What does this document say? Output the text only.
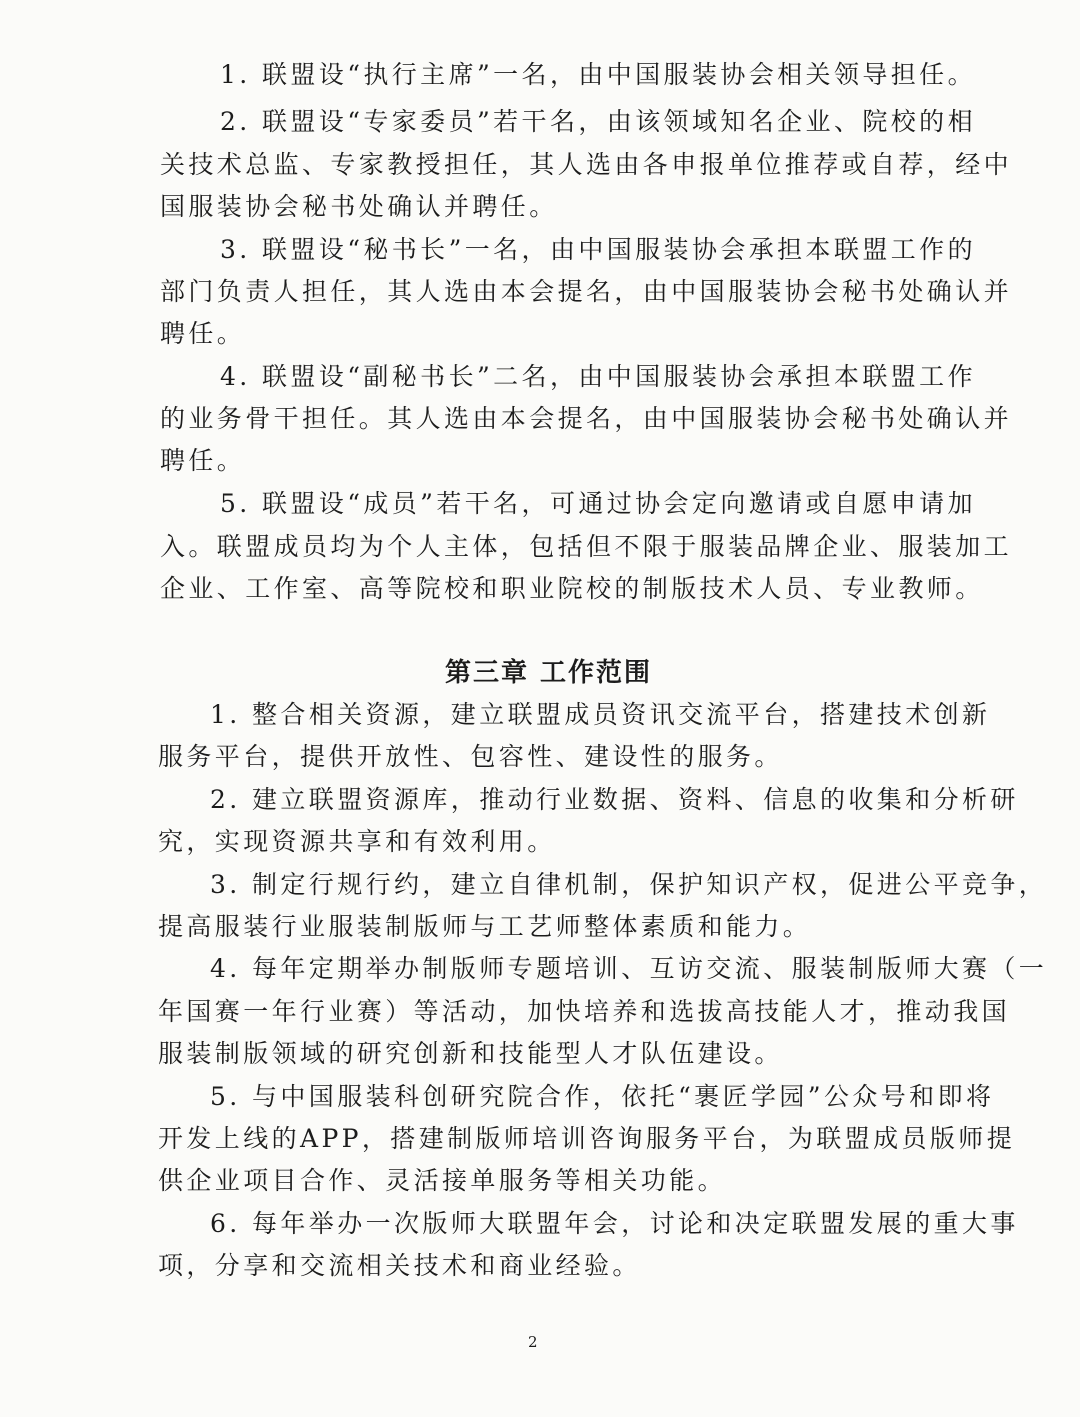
1. 联盟设“执行主席”一名，由中国服装协会相关领导担任。
2. 联盟设“专家委员”若干名，由该领域知名企业、院校的相
关技术总监、专家教授担任，其人选由各申报单位推荐或自荐，经中
国服装协会秘书处确认并聘任。
3. 联盟设“秘书长”一名，由中国服装协会承担本联盟工作的
部门负责人担任，其人选由本会提名，由中国服装协会秘书处确认并
聘任。
4. 联盟设“副秘书长”二名，由中国服装协会承担本联盟工作
的业务骨干担任。其人选由本会提名，由中国服装协会秘书处确认并
聘任。
5. 联盟设“成员”若干名，可通过协会定向邀请或自愿申请加
入。联盟成员均为个人主体，包括但不限于服装品牌企业、服装加工
企业、工作室、高等院校和职业院校的制版技术人员、专业教师。
第三章 工作范围
1. 整合相关资源，建立联盟成员资讯交流平台，搭建技术创新
服务平台，提供开放性、包容性、建设性的服务。
2. 建立联盟资源库，推动行业数据、资料、信息的收集和分析研
究，实现资源共享和有效利用。
3. 制定行规行约，建立自律机制，保护知识产权，促进公平竞争，
提高服装行业服装制版师与工艺师整体素质和能力。
4. 每年定期举办制版师专题培训、互访交流、服装制版师大赛（一
年国赛一年行业赛）等活动，加快培养和选拔高技能人才，推动我国
服装制版领域的研究创新和技能型人才队伍建设。
5. 与中国服装科创研究院合作，依托“裹匠学园”公众号和即将
开发上线的APP，搭建制版师培训咨询服务平台，为联盟成员版师提
供企业项目合作、灵活接单服务等相关功能。
6. 每年举办一次版师大联盟年会，讨论和决定联盟发展的重大事
项，分享和交流相关技术和商业经验。
2
